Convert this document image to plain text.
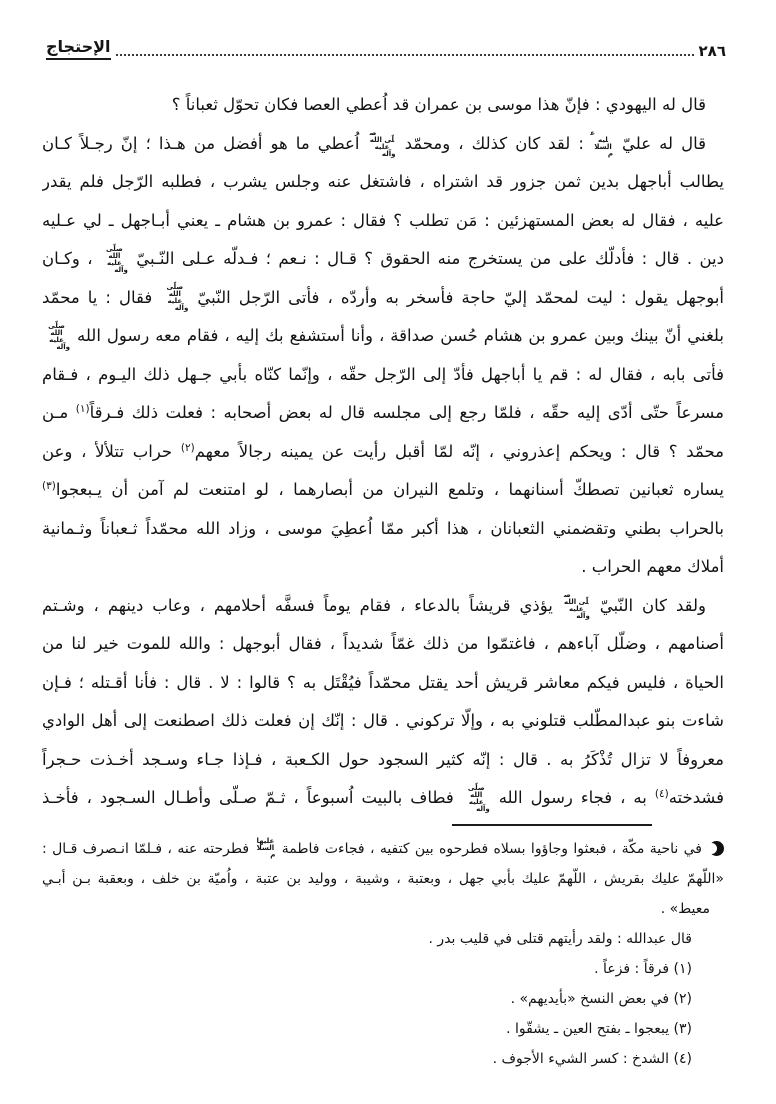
٢٨٦
الإحتجاج
قال له اليهودي : فإنّ هذا موسى بن عمران قد اُعطي العصا فكان تحوّل ثعباناً ؟
قال له عليّ عليه السلام : لقد كان كذلك ، ومحمّد صلّى الله عليه وآله اُعطي ما هو أفضل من هـذا ؛ إنّ رجـلاً كـان
يطالب أباجهل بدين ثمن جزور قد اشتراه ، فاشتغل عنه وجلس يشرب ، فطلبه الرّجل فلم يقدر
عليه ، فقال له بعض المستهزئين : مَن تطلب ؟ فقال : عمرو بن هشام ـ يعني أبـاجهل ـ لي عـليه
دين . قال : فأدلّك على من يستخرج منه الحقوق ؟ قـال : نـعم ؛ فـدلّه عـلى النّـبيّ صلّى الله عليه وآله ، وكـان
أبوجهل يقول : ليت لمحمّد إليّ حاجة فأسخر به وأردّه ، فأتى الرّجل النّبيّ صلّى الله عليه وآله فقال : يا محمّد
بلغني أنّ بينك وبين عمرو بن هشام حُسن صداقة ، وأنا أستشفع بك إليه ، فقام معه رسول الله صلّى الله عليه وآله
فأتى بابه ، فقال له : قم يا أباجهل فأدّ إلى الرّجل حقّه ، وإنّما كنّاه بأبي جـهل ذلك اليـوم ، فـقام
مسرعاً حتّى أدّى إليه حقّه ، فلمّا رجع إلى مجلسه قال له بعض أصحابه : فعلت ذلك فـرقاً$^{(١)}$ مـن
محمّد ؟ قال : ويحكم إعذروني ، إنّه لمّا أقبل رأيت عن يمينه رجالاً معهم$^{(٢)}$ حراب تتلألأ ، وعن
يساره ثعبانين تصطكّ أسنانهما ، وتلمع النيران من أبصارهما ، لو امتنعت لم آمن أن يـبعجوا$^{(٣)}$
بالحراب بطني وتقضمني الثعبانان ، هذا أكبر ممّا اُعطِيَ موسى ، وزاد الله محمّداً ثـعباناً وثـمانية
أملاك معهم الحراب .
ولقد كان النّبيّ صلّى الله عليه وآله يؤذي قريشاً بالدعاء ، فقام يوماً فسفَّه أحلامهم ، وعاب دينهم ، وشـتم
أصنامهم ، وضلّل آباءهم ، فاغتمّوا من ذلك غمّاً شديداً ، فقال أبوجهل : والله للموت خير لنا من
الحياة ، فليس فيكم معاشر قريش أحد يقتل محمّداً فيُقْتَل به ؟ قالوا : لا . قال : فأنا أقـتله ؛ فـإن
شاءت بنو عبدالمطّلب قتلوني به ، وإلّا تركوني . قال : إنّك إن فعلت ذلك اصطنعت إلى أهل الوادي
معروفاً لا تزال تُذْكَرُ به . قال : إنّه كثير السجود حول الكـعبة ، فـإذا جـاء وسـجد أخـذت حـجراً
فشدخته$^{(٤)}$ به ، فجاء رسول الله صلّى الله عليه وآله فطاف بالبيت اُسبوعاً ، ثـمّ صـلّى وأطـال السـجود ، فأخـذ
في ناحية مكّة ، فبعثوا وجاؤوا بسلاه فطرحوه بين كتفيه ، فجاءت فاطمة عليها السلام فطرحته عنه ، فـلمّا انـصرف قـال :
«اللّهمّ عليك بقريش ، اللّهمّ عليك بأبي جهل ، وبعتبة ، وشيبة ، ووليد بن عتبة ، واُميّة بن خلف ، وبعقبة بـن أبـي
معيط» .
قال عبدالله : ولقد رأيتهم قتلى في قليب بدر .
(١) فرقاً : فزعاً .
(٢) في بعض النسخ «بأيديهم» .
(٣) يبعجوا ـ بفتح العين ـ يشقّوا .
(٤) الشدخ : كسر الشيء الأجوف .
